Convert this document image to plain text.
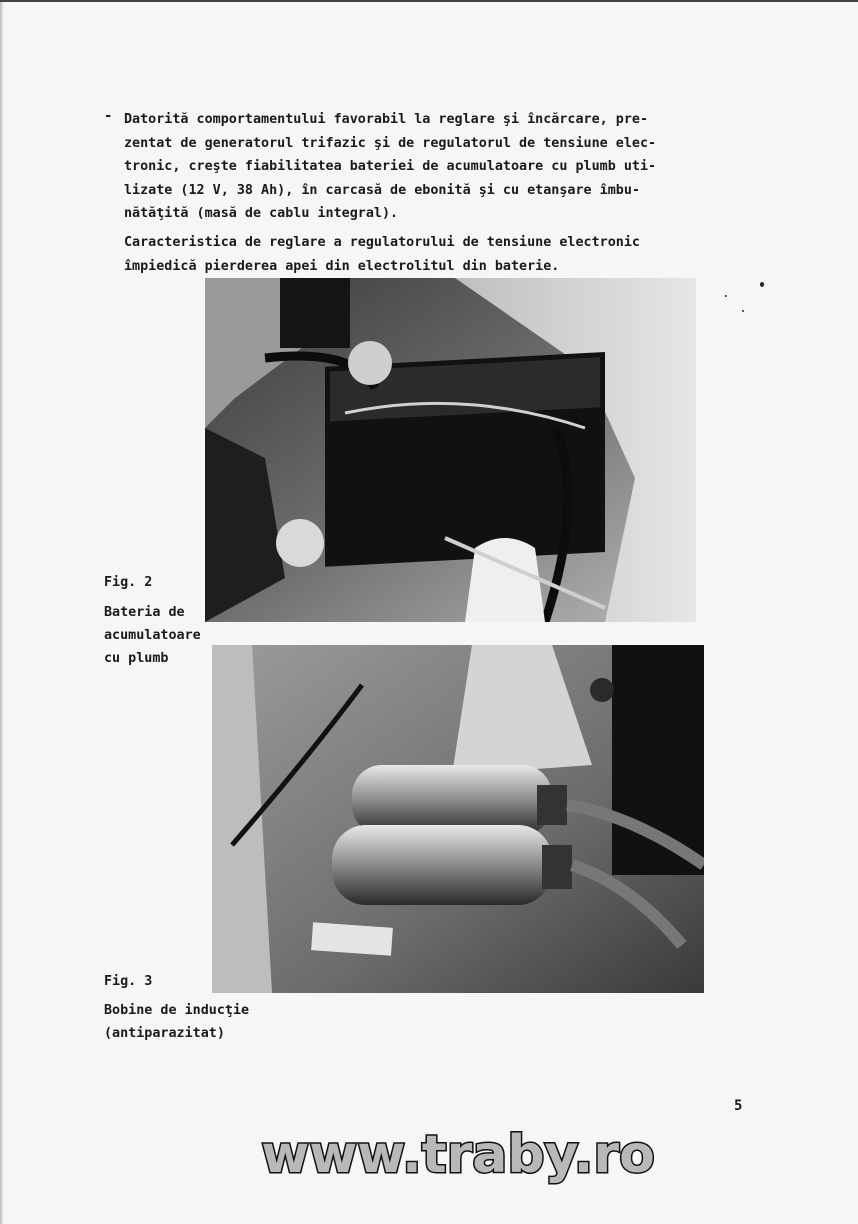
- Datorită comportamentului favorabil la reglare şi încărcare, pre-
zentat de generatorul trifazic şi de regulatorul de tensiune elec-
tronic, creşte fiabilitatea bateriei de acumulatoare cu plumb uti-
lizate (12 V, 38 Ah), în carcasă de ebonită şi cu etanşare îmbu-
nătăţită (masă de cablu integral).
Caracteristica de reglare a regulatorului de tensiune electronic
împiedică pierderea apei din electrolitul din baterie.
Fig. 2
Bateria de
acumulatoare
cu plumb
Fig. 3
Bobine de inducţie
(antiparazitat)
5
www.traby.ro
